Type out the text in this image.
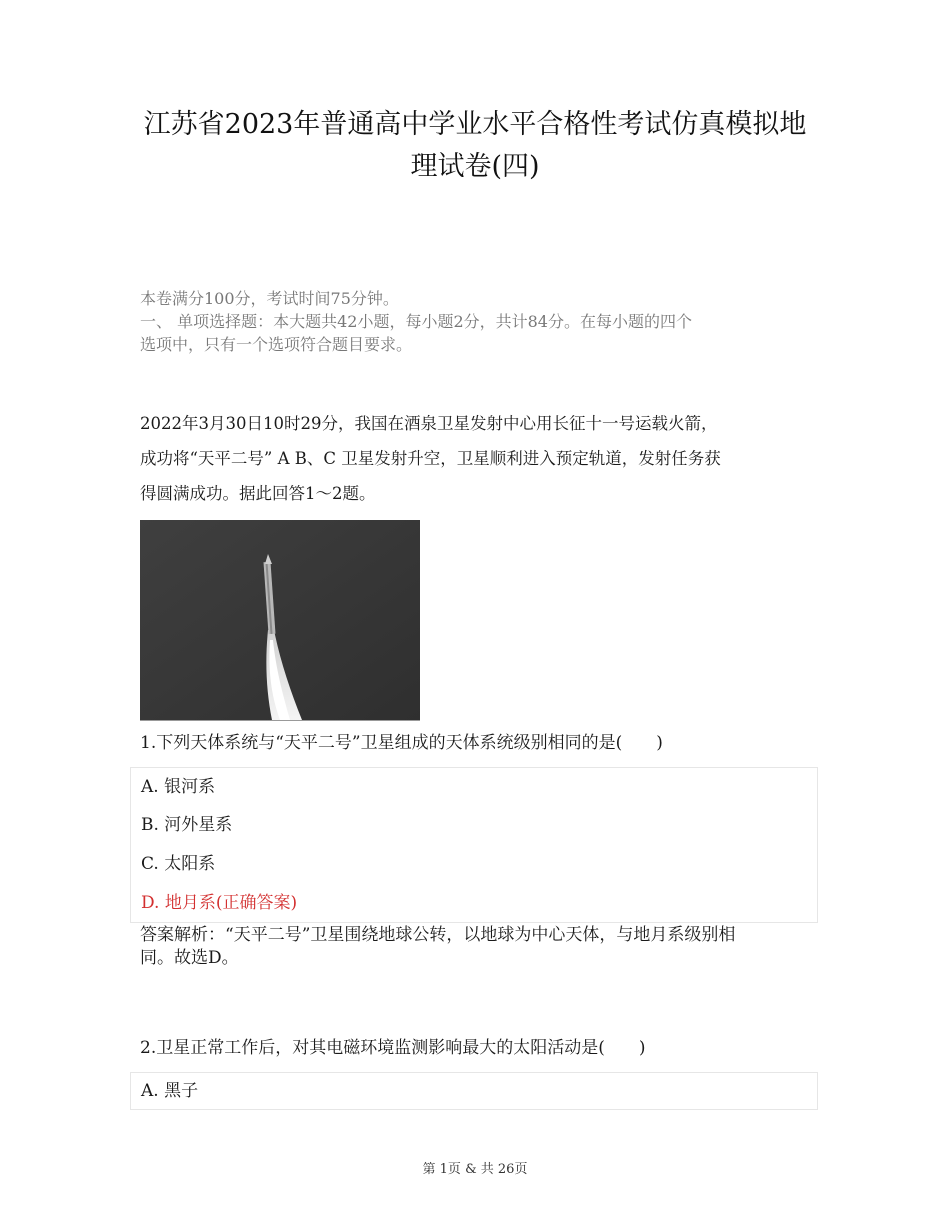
江苏省2023年普通高中学业水平合格性考试仿真模拟地
理试卷(四)
本卷满分100分，考试时间75分钟。
一、 单项选择题：本大题共42小题，每小题2分，共计84分。在每小题的四个
选项中，只有一个选项符合题目要求。
2022年3月30日10时29分，我国在酒泉卫星发射中心用长征十一号运载火箭，
成功将“天平二号” A B、C 卫星发射升空，卫星顺利进入预定轨道，发射任务获
得圆满成功。据此回答1～2题。
1.下列天体系统与“天平二号”卫星组成的天体系统级别相同的是(　　)
A. 银河系
B. 河外星系
C. 太阳系
D. 地月系(正确答案)
答案解析：“天平二号”卫星围绕地球公转，以地球为中心天体，与地月系级别相
同。故选D。
2.卫星正常工作后，对其电磁环境监测影响最大的太阳活动是(　　)
A. 黑子
第 1页 & 共 26页
